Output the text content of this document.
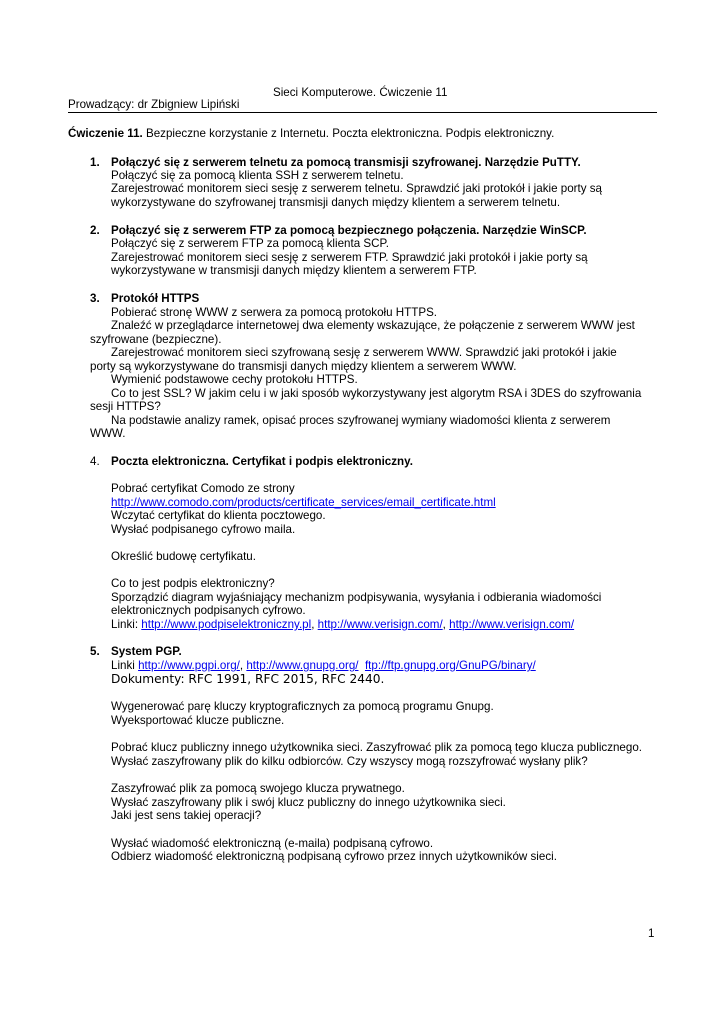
Sieci Komputerowe. Ćwiczenie 11
Prowadzący: dr Zbigniew Lipiński
Ćwiczenie 11. Bezpieczne korzystanie z Internetu. Poczta elektroniczna. Podpis elektroniczny.
1. Połączyć się z serwerem telnetu za pomocą transmisji szyfrowanej. Narzędzie PuTTY.
Połączyć się za pomocą klienta SSH z serwerem telnetu.
Zarejestrować monitorem sieci sesję z serwerem telnetu. Sprawdzić jaki protokół i jakie porty są
wykorzystywane do szyfrowanej transmisji danych między klientem a serwerem telnetu.
2. Połączyć się z serwerem FTP za pomocą bezpiecznego połączenia. Narzędzie WinSCP.
Połączyć się z serwerem FTP za pomocą klienta SCP.
Zarejestrować monitorem sieci sesję z serwerem FTP. Sprawdzić jaki protokół i jakie porty są
wykorzystywane w transmisji danych między klientem a serwerem FTP.
3. Protokół HTTPS
Pobierać stronę WWW z serwera za pomocą protokołu HTTPS.
Znaleźć w przeglądarce internetowej dwa elementy wskazujące, że połączenie z serwerem WWW jest
szyfrowane (bezpieczne).
Zarejestrować monitorem sieci szyfrowaną sesję z serwerem WWW. Sprawdzić jaki protokół i jakie
porty są wykorzystywane do transmisji danych między klientem a serwerem WWW.
Wymienić podstawowe cechy protokołu HTTPS.
Co to jest SSL? W jakim celu i w jaki sposób wykorzystywany jest algorytm RSA i 3DES do szyfrowania
sesji HTTPS?
Na podstawie analizy ramek, opisać proces szyfrowanej wymiany wiadomości klienta z serwerem
WWW.
4. Poczta elektroniczna. Certyfikat i podpis elektroniczny.
Pobrać certyfikat Comodo ze strony
http://www.comodo.com/products/certificate_services/email_certificate.html
Wczytać certyfikat do klienta pocztowego.
Wysłać podpisanego cyfrowo maila.
Określić budowę certyfikatu.
Co to jest podpis elektroniczny?
Sporządzić diagram wyjaśniający mechanizm podpisywania, wysyłania i odbierania wiadomości
elektronicznych podpisanych cyfrowo.
Linki: http://www.podpiselektroniczny.pl, http://www.verisign.com/, http://www.verisign.com/
5. System PGP.
Linki http://www.pgpi.org/, http://www.gnupg.org/ ftp://ftp.gnupg.org/GnuPG/binary/
Dokumenty: RFC 1991, RFC 2015, RFC 2440.
Wygenerować parę kluczy kryptograficznych za pomocą programu Gnupg.
Wyeksportować klucze publiczne.
Pobrać klucz publiczny innego użytkownika sieci. Zaszyfrować plik za pomocą tego klucza publicznego.
Wysłać zaszyfrowany plik do kilku odbiorców. Czy wszyscy mogą rozszyfrować wysłany plik?
Zaszyfrować plik za pomocą swojego klucza prywatnego.
Wysłać zaszyfrowany plik i swój klucz publiczny do innego użytkownika sieci.
Jaki jest sens takiej operacji?
Wysłać wiadomość elektroniczną (e-maila) podpisaną cyfrowo.
Odbierz wiadomość elektroniczną podpisaną cyfrowo przez innych użytkowników sieci.
1
